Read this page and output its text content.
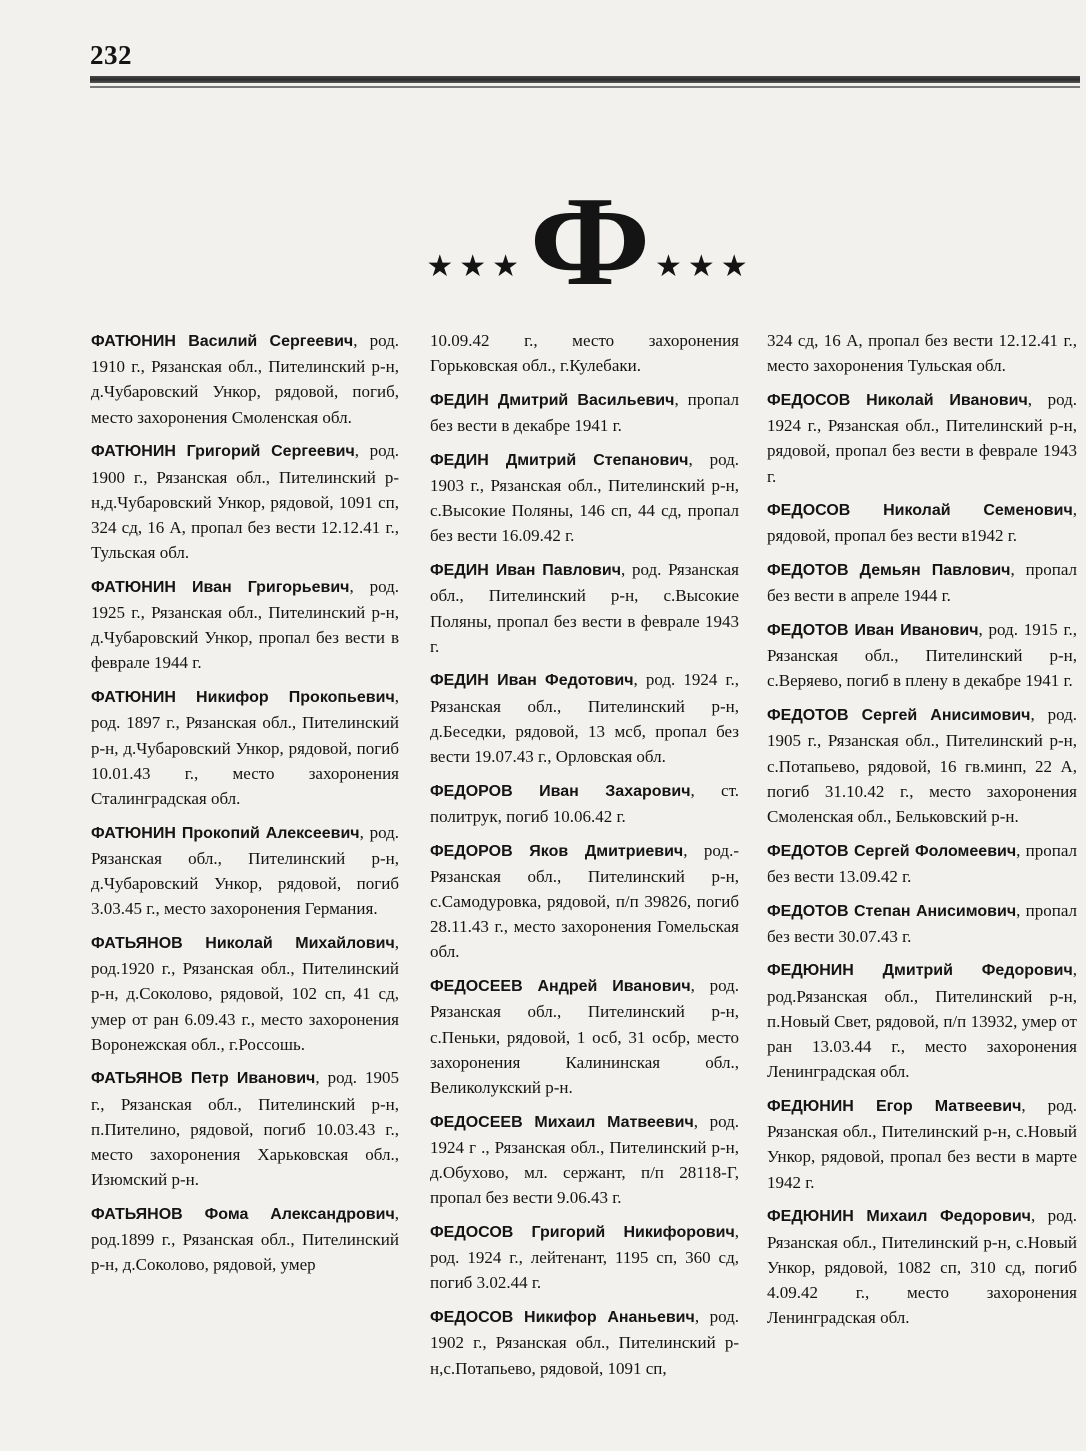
232
★★★ Ф ★★★

ФАТЮНИН Василий Сергеевич, род. 1910 г., Рязанская обл., Пителинский р-н, д.Чубаровский Ункор, рядовой, погиб, место захоронения Смоленская обл.

ФАТЮНИН Григорий Сергеевич, род. 1900 г., Рязанская обл., Пителинский р-н,д.Чубаровский Ункор, рядовой, 1091 сп, 324 сд, 16 А, пропал без вести 12.12.41 г., Тульская обл.

ФАТЮНИН Иван Григорьевич, род. 1925 г., Рязанская обл., Пителинский р-н, д.Чубаровский Ункор, пропал без вести в феврале 1944 г.

ФАТЮНИН Никифор Прокопьевич, род. 1897 г., Рязанская обл., Пителинский р-н, д.Чубаровский Ункор, рядовой, погиб 10.01.43 г., место захоронения Сталинградская обл.

ФАТЮНИН Прокопий Алексеевич, род. Рязанская обл., Пителинский р-н, д.Чубаровский Ункор, рядовой, погиб 3.03.45 г., место захоронения Германия.

ФАТЬЯНОВ Николай Михайлович, род.1920 г., Рязанская обл., Пителинский р-н, д.Соколово, рядовой, 102 сп, 41 сд, умер от ран 6.09.43 г., место захоронения Воронежская обл., г.Россошь.

ФАТЬЯНОВ Петр Иванович, род. 1905 г., Рязанская обл., Пителинский р-н, п.Пителино, рядовой, погиб 10.03.43 г., место захоронения Харьковская обл., Изюмский р-н.

ФАТЬЯНОВ Фома Александрович, род.1899 г., Рязанская обл., Пителинский р-н, д.Соколово, рядовой, умер

10.09.42 г., место захоронения Горьковская обл., г.Кулебаки.

ФЕДИН Дмитрий Васильевич, пропал без вести в декабре 1941 г.

ФЕДИН Дмитрий Степанович, род. 1903 г., Рязанская обл., Пителинский р-н, с.Высокие Поляны, 146 сп, 44 сд, пропал без вести 16.09.42 г.

ФЕДИН Иван Павлович, род. Рязанская обл., Пителинский р-н, с.Высокие Поляны, пропал без вести в феврале 1943 г.

ФЕДИН Иван Федотович, род. 1924 г., Рязанская обл., Пителинский р-н, д.Беседки, рядовой, 13 мсб, пропал без вести 19.07.43 г., Орловская обл.

ФЕДОРОВ Иван Захарович, ст. политрук, погиб 10.06.42 г.

ФЕДОРОВ Яков Дмитриевич, род.- Рязанская обл., Пителинский р-н, с.Самодуровка, рядовой, п/п 39826, погиб 28.11.43 г., место захоронения Гомельская обл.

ФЕДОСЕЕВ Андрей Иванович, род. Рязанская обл., Пителинский р-н, с.Пеньки, рядовой, 1 осб, 31 осбр, место захоронения Калининская обл., Великолукский р-н.

ФЕДОСЕЕВ Михаил Матвеевич, род. 1924 г ., Рязанская обл., Пителинский р-н, д.Обухово, мл. сержант, п/п 28118-Г, пропал без вести 9.06.43 г.

ФЕДОСОВ Григорий Никифорович, род. 1924 г., лейтенант, 1195 сп, 360 сд, погиб 3.02.44 г.

ФЕДОСОВ Никифор Ананьевич, род. 1902 г., Рязанская обл., Пителинский р-н,с.Потапьево, рядовой, 1091 сп,

324 сд, 16 А, пропал без вести 12.12.41 г., место захоронения Тульская обл.

ФЕДОСОВ Николай Иванович, род. 1924 г., Рязанская обл., Пителинский р-н, рядовой, пропал без вести в феврале 1943 г.

ФЕДОСОВ Николай Семенович, рядовой, пропал без вести в1942 г.

ФЕДОТОВ Демьян Павлович, пропал без вести в апреле 1944 г.

ФЕДОТОВ Иван Иванович, род. 1915 г., Рязанская обл., Пителинский р-н, с.Веряево, погиб в плену в декабре 1941 г.

ФЕДОТОВ Сергей Анисимович, род. 1905 г., Рязанская обл., Пителинский р-н, с.Потапьево, рядовой, 16 гв.минп, 22 А, погиб 31.10.42 г., место захоронения Смоленская обл., Бельковский р-н.

ФЕДОТОВ Сергей Фоломеевич, пропал без вести 13.09.42 г.

ФЕДОТОВ Степан Анисимович, пропал без вести 30.07.43 г.

ФЕДЮНИН Дмитрий Федорович, род.Рязанская обл., Пителинский р-н, п.Новый Свет, рядовой, п/п 13932, умер от ран 13.03.44 г., место захоронения Ленинградская обл.

ФЕДЮНИН Егор Матвеевич, род. Рязанская обл., Пителинский р-н, с.Новый Ункор, рядовой, пропал без вести в марте 1942 г.

ФЕДЮНИН Михаил Федорович, род. Рязанская обл., Пителинский р-н, с.Новый Ункор, рядовой, 1082 сп, 310 сд, погиб 4.09.42 г., место захоронения Ленинградская обл.
